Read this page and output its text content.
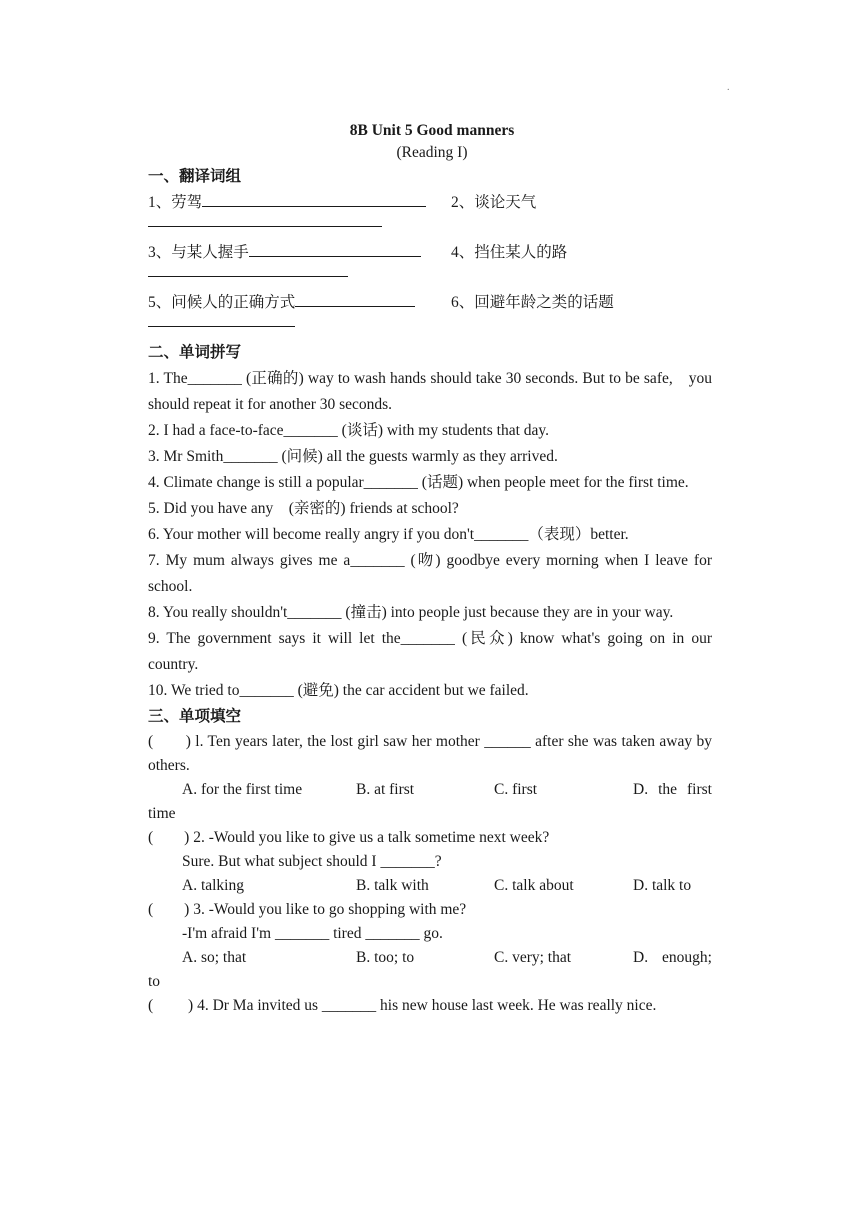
.
8B Unit 5 Good manners
(Reading I)
一、翻译词组
1、劳驾	2、谈论天气
3、与某人握手	4、挡住某人的路
5、问候人的正确方式	6、回避年龄之类的话题
二、单词拼写
1. The_______ (正确的) way to wash hands should take 30 seconds. But to be safe,　you should repeat it for another 30 seconds.
2. I had a face-to-face_______ (谈话) with my students that day.
3. Mr Smith_______ (问候) all the guests warmly as they arrived.
4. Climate change is still a popular_______ (话题) when people meet for the first time.
5. Did you have any　(亲密的) friends at school?
6. Your mother will become really angry if you don't_______（表现）better.
7. My mum always gives me a_______ (吻) goodbye every morning when I leave for school.
8. You really shouldn't_______ (撞击) into people just because they are in your way.
9. The government says it will let the_______ (民众) know what's going on in our country.
10. We tried to_______ (避免) the car accident but we failed.
三、单项填空
(　　) l. Ten years later, the lost girl saw her mother ______ after she was taken away by others.
A. for the first time	B. at first	C. first	D. the first
time
(　　) 2. -Would you like to give us a talk sometime next week?
Sure. But what subject should I _______?
A. talking	B. talk with	C. talk about	D. talk to
(　　) 3. -Would you like to go shopping with me?
-I'm afraid I'm _______ tired _______ go.
A. so; that	B. too; to	C. very; that	D. enough;
to
(　　 ) 4. Dr Ma invited us _______ his new house last week. He was really nice.
